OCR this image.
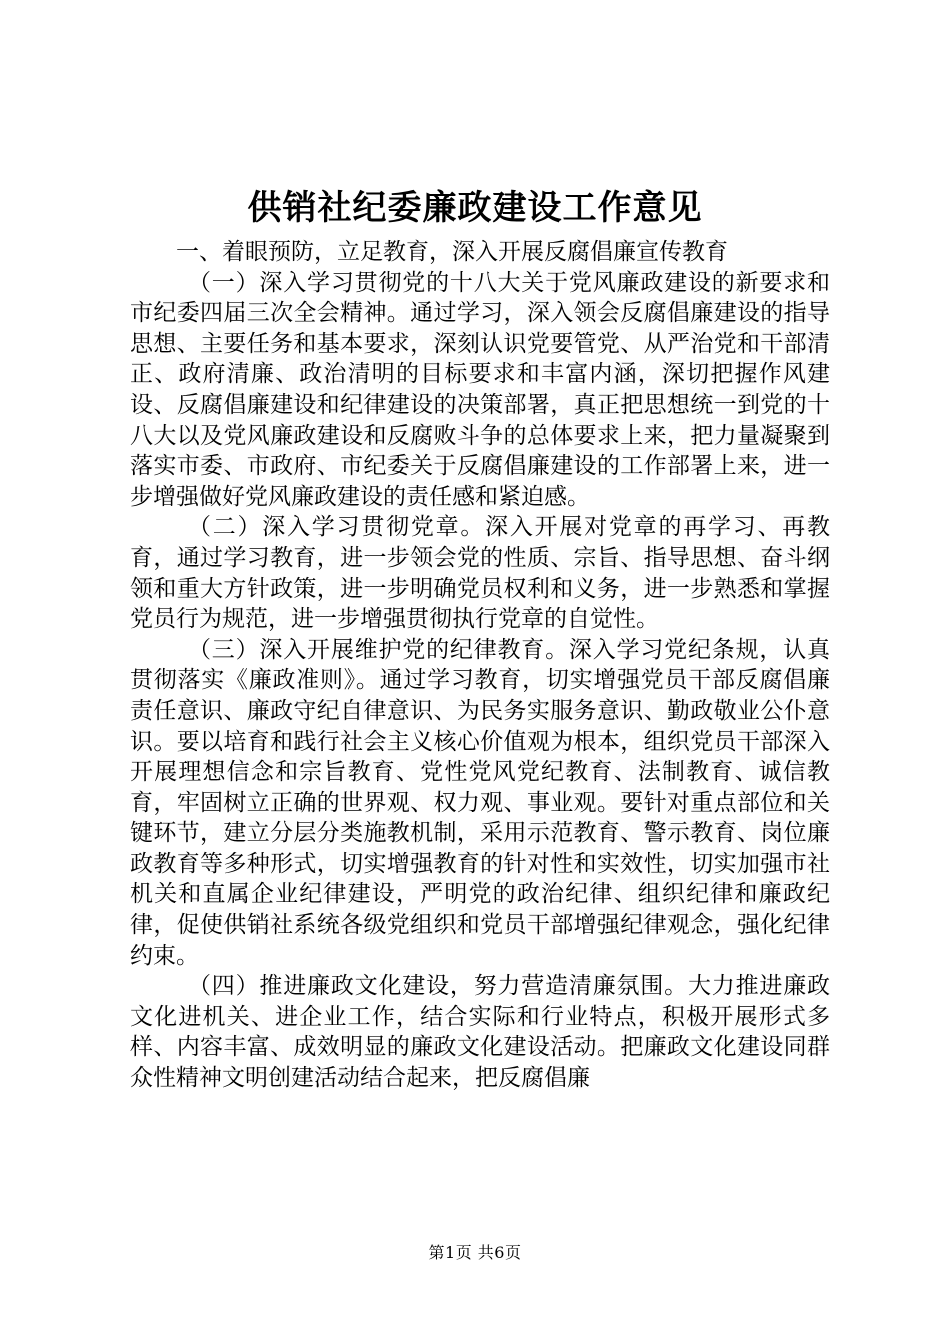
供销社纪委廉政建设工作意见

一、着眼预防，立足教育，深入开展反腐倡廉宣传教育

（一）深入学习贯彻党的十八大关于党风廉政建设的新要求和市纪委四届三次全会精神。通过学习，深入领会反腐倡廉建设的指导思想、主要任务和基本要求，深刻认识党要管党、从严治党和干部清正、政府清廉、政治清明的目标要求和丰富内涵，深切把握作风建设、反腐倡廉建设和纪律建设的决策部署，真正把思想统一到党的十八大以及党风廉政建设和反腐败斗争的总体要求上来，把力量凝聚到落实市委、市政府、市纪委关于反腐倡廉建设的工作部署上来，进一步增强做好党风廉政建设的责任感和紧迫感。

（二）深入学习贯彻党章。深入开展对党章的再学习、再教育，通过学习教育，进一步领会党的性质、宗旨、指导思想、奋斗纲领和重大方针政策，进一步明确党员权利和义务，进一步熟悉和掌握党员行为规范，进一步增强贯彻执行党章的自觉性。

（三）深入开展维护党的纪律教育。深入学习党纪条规，认真贯彻落实《廉政准则》。通过学习教育，切实增强党员干部反腐倡廉责任意识、廉政守纪自律意识、为民务实服务意识、勤政敬业公仆意识。要以培育和践行社会主义核心价值观为根本，组织党员干部深入开展理想信念和宗旨教育、党性党风党纪教育、法制教育、诚信教育，牢固树立正确的世界观、权力观、事业观。要针对重点部位和关键环节，建立分层分类施教机制，采用示范教育、警示教育、岗位廉政教育等多种形式，切实增强教育的针对性和实效性，切实加强市社机关和直属企业纪律建设，严明党的政治纪律、组织纪律和廉政纪律，促使供销社系统各级党组织和党员干部增强纪律观念，强化纪律约束。

（四）推进廉政文化建设，努力营造清廉氛围。大力推进廉政文化进机关、进企业工作，结合实际和行业特点，积极开展形式多样、内容丰富、成效明显的廉政文化建设活动。把廉政文化建设同群众性精神文明创建活动结合起来，把反腐倡廉

第1页 共6页
